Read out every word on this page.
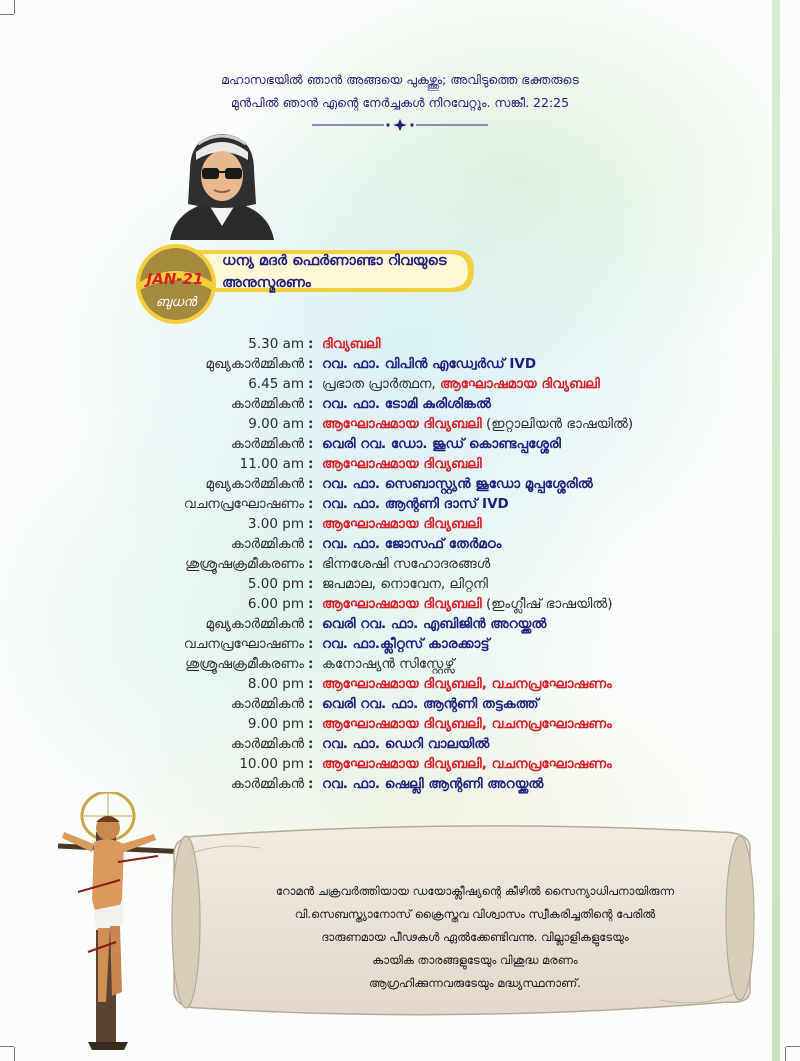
മഹാസഭയിൽ ഞാൻ അങ്ങയെ പുകഴ്ത്തും; അവിടുത്തെ ഭക്തരുടെ
മുൻപിൽ ഞാൻ എന്റെ നേർച്ചകൾ നിറവേറ്റും. സങ്കീ. 22:25
JAN-21
ബുധൻ
ധന്യ മദർ ഫെർണാണ്ടാ റിവയുടെ
അനുസ്മരണം
5.30 am : ദിവ്യബലി
മുഖ്യകാർമ്മികൻ : റവ. ഫാ. വിപിൻ എഡ്വേർഡ് IVD
6.45 am : പ്രഭാത പ്രാർത്ഥന, ആഘോഷമായ ദിവ്യബലി
കാർമ്മികൻ : റവ. ഫാ. ടോമി കുരിശിങ്കൽ
9.00 am : ആഘോഷമായ ദിവ്യബലി (ഇറ്റാലിയൻ ഭാഷയിൽ)
കാർമ്മികൻ : വെരി റവ. ഡോ. ജൂഡ് കൊണ്ടപ്പശ്ശേരി
11.00 am : ആഘോഷമായ ദിവ്യബലി
മുഖ്യകാർമ്മികൻ : റവ. ഫാ. സെബാസ്റ്റ്യൻ ജൂഡോ മൂപ്പശ്ശേരിൽ
വചനപ്രഘോഷണം : റവ. ഫാ. ആന്റണി ദാസ് IVD
3.00 pm : ആഘോഷമായ ദിവ്യബലി
കാർമ്മികൻ : റവ. ഫാ. ജോസഫ് തേർമഠം
ശുശ്രൂഷക്രമീകരണം : ഭിന്നശേഷി സഹോദരങ്ങൾ
5.00 pm : ജപമാല, നൊവേന, ലിറ്റനി
6.00 pm : ആഘോഷമായ ദിവ്യബലി (ഇംഗ്ലീഷ് ഭാഷയിൽ)
മുഖ്യകാർമ്മികൻ : വെരി റവ. ഫാ. എബിജിൻ അറയ്ക്കൽ
വചനപ്രഘോഷണം : റവ. ഫാ.ക്ലീറ്റസ് കാരക്കാട്ട്
ശുശ്രൂഷക്രമീകരണം : കനോഷ്യൻ സിസ്റ്റേഴ്സ്
8.00 pm : ആഘോഷമായ ദിവ്യബലി, വചനപ്രഘോഷണം
കാർമ്മികൻ : വെരി റവ. ഫാ. ആന്റണി തട്ടകത്ത്
9.00 pm : ആഘോഷമായ ദിവ്യബലി, വചനപ്രഘോഷണം
കാർമ്മികൻ : റവ. ഫാ. ഡെറി വാലയിൽ
10.00 pm : ആഘോഷമായ ദിവ്യബലി, വചനപ്രഘോഷണം
കാർമ്മികൻ : റവ. ഫാ. ഷെല്ലി ആന്റണി അറയ്ക്കൽ
റോമൻ ചക്രവർത്തിയായ ഡയോക്ലീഷ്യന്റെ കീഴിൽ സൈന്യാധിപനായിരുന്ന
വി.സെബസ്ത്യാനോസ് ക്രൈസ്തവ വിശ്വാസം സ്വീകരിച്ചതിന്റെ പേരിൽ
ദാരുണമായ പീഢകൾ ഏൽക്കേണ്ടിവന്നു. വില്ലാളികളുടേയും
കായിക താരങ്ങളുടേയും വിശുദ്ധ മരണം
ആഗ്രഹിക്കുന്നവരുടേയും മദ്ധ്യസ്ഥനാണ്.
